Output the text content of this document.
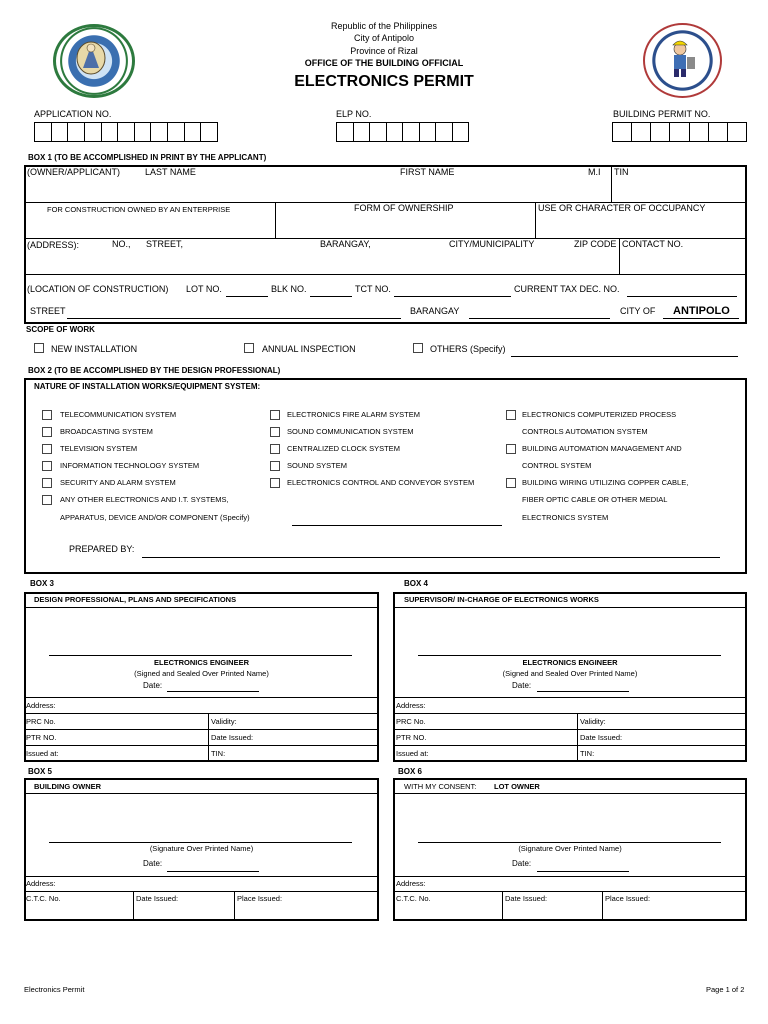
Republic of the Philippines
City of Antipolo
Province of Rizal
OFFICE OF THE BUILDING OFFICIAL
ELECTRONICS PERMIT
APPLICATION NO.	ELP NO.	BUILDING PERMIT NO.
BOX 1 (TO BE ACCOMPLISHED IN PRINT BY THE APPLICANT)
(OWNER/APPLICANT)	LAST NAME	FIRST NAME	M.I TIN
FOR CONSTRUCTION OWNED BY AN ENTERPRISE	FORM OF OWNERSHIP	USE OR CHARACTER OF OCCUPANCY
(ADDRESS):	NO., STREET,	BARANGAY,	CITY/MUNICIPALITY	ZIP CODE CONTACT NO.
(LOCATION OF CONSTRUCTION) LOT NO.	BLK NO.	TCT NO.	CURRENT TAX DEC. NO.
STREET	BARANGAY	CITY OF ANTIPOLO
SCOPE OF WORK
NEW INSTALLATION	ANNUAL INSPECTION	OTHERS (Specify)
BOX 2 (TO BE ACCOMPLISHED BY THE DESIGN PROFESSIONAL)
NATURE OF INSTALLATION WORKS/EQUIPMENT SYSTEM:
TELECOMMUNICATION SYSTEM
BROADCASTING SYSTEM
TELEVISION SYSTEM
INFORMATION TECHNOLOGY SYSTEM
SECURITY AND ALARM SYSTEM
ANY OTHER ELECTRONICS AND I.T. SYSTEMS,
APPARATUS, DEVICE AND/OR COMPONENT (Specify)
ELECTRONICS FIRE ALARM SYSTEM
SOUND COMMUNICATION SYSTEM
CENTRALIZED CLOCK SYSTEM
SOUND SYSTEM
ELECTRONICS CONTROL AND CONVEYOR SYSTEM
ELECTRONICS COMPUTERIZED PROCESS
CONTROLS AUTOMATION SYSTEM
BUILDING AUTOMATION MANAGEMENT AND
CONTROL SYSTEM
BUILDING WIRING UTILIZING COPPER CABLE,
FIBER OPTIC CABLE OR OTHER MEDIAL
ELECTRONICS SYSTEM
PREPARED BY:
BOX 3
DESIGN PROFESSIONAL, PLANS AND SPECIFICATIONS
ELECTRONICS ENGINEER
(Signed and Sealed Over Printed Name)
Date:
Address:
PRC No.	Validity:
PTR NO.	Date Issued:
Issued at:	TIN:
BOX 4
SUPERVISOR/ IN-CHARGE OF ELECTRONICS WORKS
ELECTRONICS ENGINEER
(Signed and Sealed Over Printed Name)
Date:
Address:
PRC No.	Validity:
PTR NO.	Date Issued:
Issued at:	TIN:
BOX 5
BUILDING OWNER
(Signature Over Printed Name)
Date:
Address:
C.T.C. No.	Date Issued:	Place Issued:
BOX 6
WITH MY CONSENT: LOT OWNER
(Signature Over Printed Name)
Date:
Address:
C.T.C. No.	Date Issued:	Place Issued:
Electronics Permit	Page 1 of 2
